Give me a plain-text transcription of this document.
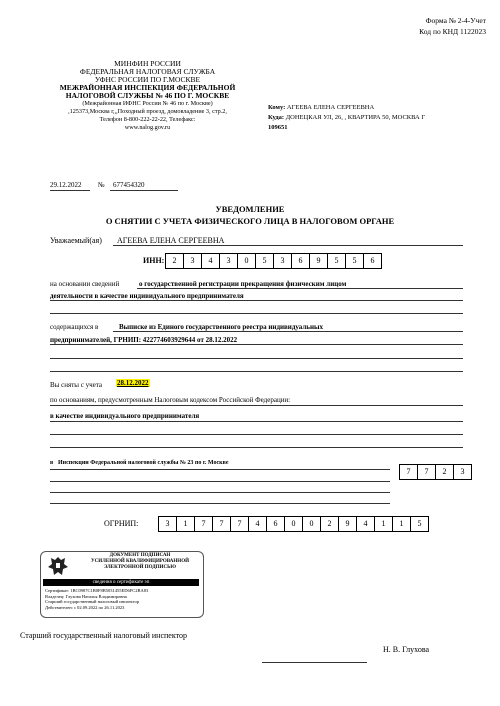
Форма № 2-4-Учет
Код по КНД 1122023
МИНФИН РОССИИ
ФЕДЕРАЛЬНАЯ НАЛОГОВАЯ СЛУЖБА
УФНС РОССИИ ПО Г.МОСКВЕ
МЕЖРАЙОННАЯ ИНСПЕКЦИЯ ФЕДЕРАЛЬНОЙ
НАЛОГОВОЙ СЛУЖБЫ № 46 ПО Г. МОСКВЕ
(Межрайонная ИФНС России № 46 по г. Москве)
,125373,Москва г,,,Походный проезд, домовладение 3, стр.2,
Телефон 8-800-222-22-22, Телефакс:
www.nalog.gov.ru
Кому: АГЕЕВА ЕЛЕНА СЕРГЕЕВНА
Куда: ДОНЕЦКАЯ УЛ, 26, , КВАРТИРА 50, МОСКВА Г
109651
29.12.2022 № 677454320
УВЕДОМЛЕНИЕ
О СНЯТИИ С УЧЕТА ФИЗИЧЕСКОГО ЛИЦА В НАЛОГОВОМ ОРГАНЕ
Уважаемый(ая) АГЕЕВА ЕЛЕНА СЕРГЕЕВНА
ИНН:	2	3	4	3	0	5	3	6	9	5	5	6
на основании сведений	о государственной регистрации прекращения физическим лицом
деятельности в качестве индивидуального предпринимателя
содержащихся в	Выписке из Единого государственного реестра индивидуальных
предпринимателей, ГРНИП: 422774603929644 от 28.12.2022
Вы сняты с учета 28.12.2022
по основаниям, предусмотренным Налоговым кодексом Российской Федерации:
в качестве индивидуального предпринимателя
в Инспекции Федеральной налоговой службы № 23 по г. Москве
7	7	2	3
ОГРНИП:	3	1	7	7	7	4	6	0	0	2	9	4	1	1	5
ДОКУМЕНТ ПОДПИСАН
УСИЛЕННОЙ КВАЛИФИЦИРОВАННОЙ
ЭЛЕКТРОННОЙ ПОДПИСЬЮ
сведения о сертификате эп
Сертификат: 1BC0987C1B0F8B5031455ED6FC2BA83
Владелец: Глухова Наталья Владимировна
Старший государственный налоговый инспектор
Действителен: с 02.09.2022 по 26.11.2023
Старший государственный налоговый инспектор
Н. В. Глухова
